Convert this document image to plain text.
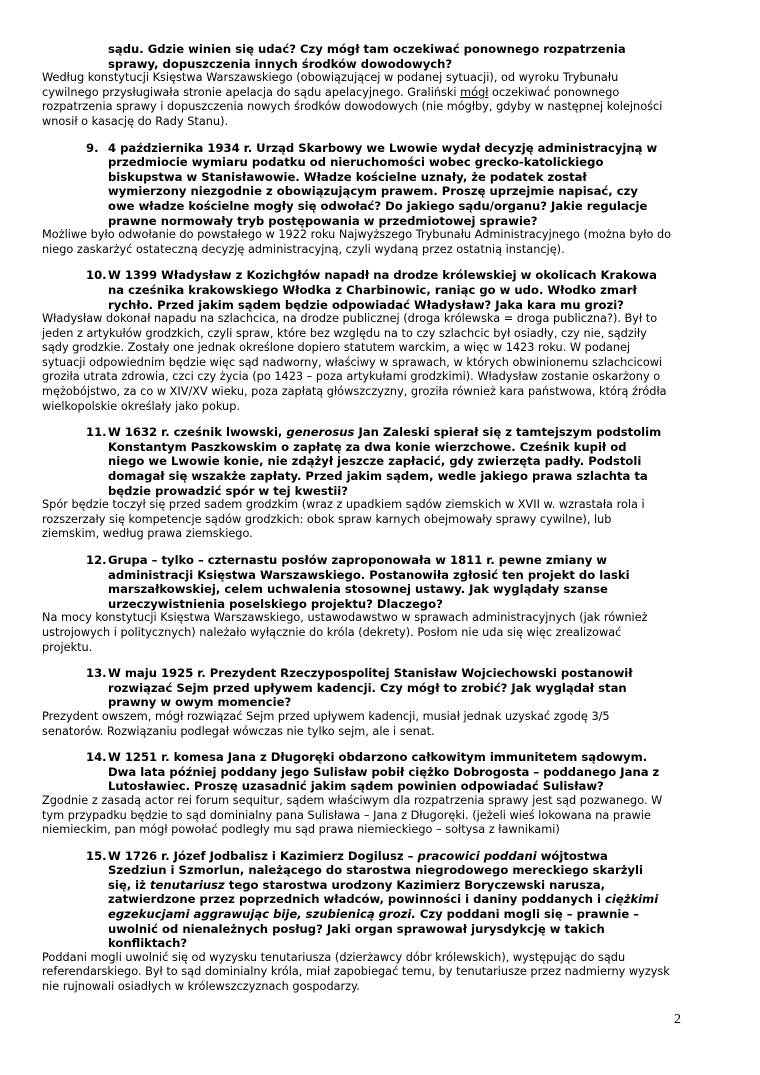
sądu. Gdzie winien się udać? Czy mógł tam oczekiwać ponownego rozpatrzenia sprawy, dopuszczenia innych środków dowodowych?

Według konstytucji Księstwa Warszawskiego (obowiązującej w podanej sytuacji), od wyroku Trybunału cywilnego przysługiwała stronie apelacja do sądu apelacyjnego. Graliński mógł oczekiwać ponownego rozpatrzenia sprawy i dopuszczenia nowych środków dowodowych (nie mógłby, gdyby w następnej kolejności wnosił o kasację do Rady Stanu).

9. 4 października 1934 r. Urząd Skarbowy we Lwowie wydał decyzję administracyjną w przedmiocie wymiaru podatku od nieruchomości wobec grecko-katolickiego biskupstwa w Stanisławowie. Władze kościelne uznały, że podatek został wymierzony niezgodnie z obowiązującym prawem. Proszę uprzejmie napisać, czy owe władze kościelne mogły się odwołać? Do jakiego sądu/organu? Jakie regulacje prawne normowały tryb postępowania w przedmiotowej sprawie?

Możliwe było odwołanie do powstałego w 1922 roku Najwyższego Trybunału Administracyjnego (można było do niego zaskarżyć ostateczną decyzję administracyjną, czyli wydaną przez ostatnią instancję).

10. W 1399 Władysław z Kozichgłów napadł na drodze królewskiej w okolicach Krakowa na cześnika krakowskiego Włodka z Charbinowic, raniąc go w udo. Włodko zmarł rychło. Przed jakim sądem będzie odpowiadać Władysław? Jaka kara mu grozi?

Władysław dokonał napadu na szlachcica, na drodze publicznej (droga królewska = droga publiczna?). Był to jeden z artykułów grodzkich, czyli spraw, które bez względu na to czy szlachcic był osiadły, czy nie, sądziły sądy grodzkie. Zostały one jednak określone dopiero statutem warckim, a więc w 1423 roku. W podanej sytuacji odpowiednim będzie więc sąd nadworny, właściwy w sprawach, w których obwinionemu szlachcicowi groziła utrata zdrowia, czci czy życia (po 1423 – poza artykułami grodzkimi). Władysław zostanie oskarżony o mężobójstwo, za co w XIV/XV wieku, poza zapłatą główszczyzny, groziła również kara państwowa, którą źródła wielkopolskie określały jako pokup.

11. W 1632 r. cześnik lwowski, generosus Jan Zaleski spierał się z tamtejszym podstolim Konstantym Paszkowskim o zapłatę za dwa konie wierzchowe. Cześnik kupił od niego we Lwowie konie, nie zdążył jeszcze zapłacić, gdy zwierzęta padły. Podstoli domagał się wszakże zapłaty. Przed jakim sądem, wedle jakiego prawa szlachta ta będzie prowadzić spór w tej kwestii?

Spór będzie toczył się przed sadem grodzkim (wraz z upadkiem sądów ziemskich w XVII w. wzrastała rola i rozszerzały się kompetencje sądów grodzkich: obok spraw karnych obejmowały sprawy cywilne), lub ziemskim, według prawa ziemskiego.

12. Grupa – tylko – czternastu posłów zaproponowała w 1811 r. pewne zmiany w administracji Księstwa Warszawskiego. Postanowiła zgłosić ten projekt do laski marszałkowskiej, celem uchwalenia stosownej ustawy. Jak wyglądały szanse urzeczywistnienia poselskiego projektu? Dlaczego?

Na mocy konstytucji Księstwa Warszawskiego, ustawodawstwo w sprawach administracyjnych (jak również ustrojowych i politycznych) należało wyłącznie do króla (dekrety). Posłom nie uda się więc zrealizować projektu.

13. W maju 1925 r. Prezydent Rzeczypospolitej Stanisław Wojciechowski postanowił rozwiązać Sejm przed upływem kadencji. Czy mógł to zrobić? Jak wyglądał stan prawny w owym momencie?

Prezydent owszem, mógł rozwiązać Sejm przed upływem kadencji, musiał jednak uzyskać zgodę 3/5 senatorów. Rozwiązaniu podlegał wówczas nie tylko sejm, ale i senat.

14. W 1251 r. komesa Jana z Długoręki obdarzono całkowitym immunitetem sądowym. Dwa lata później poddany jego Sulisław pobił ciężko Dobrogosta – poddanego Jana z Lutosławiec. Proszę uzasadnić jakim sądem powinien odpowiadać Sulisław?

Zgodnie z zasadą actor rei forum sequitur, sądem właściwym dla rozpatrzenia sprawy jest sąd pozwanego. W tym przypadku będzie to sąd dominialny pana Sulisława – Jana z Długoręki. (jeżeli wieś lokowana na prawie niemieckim, pan mógł powołać podległy mu sąd prawa niemieckiego – sołtysa z ławnikami)

15. W 1726 r. Józef Jodbalisz i Kazimierz Dogilusz – pracowici poddani wójtostwa Szedziun i Szmorlun, należącego do starostwa niegrodowego mereckiego skarżyli się, iż tenutariusz tego starostwa urodzony Kazimierz Boryczewski narusza, zatwierdzone przez poprzednich władców, powinności i daniny poddanych i ciężkimi egzekucjami aggrawując bije, szubienicą grozi. Czy poddani mogli się – prawnie – uwolnić od nienależnych posług? Jaki organ sprawował jurysdykcję w takich konfliktach?

Poddani mogli uwolnić się od wyzysku tenutariusza (dzierżawcy dóbr królewskich), występując do sądu referendarskiego. Był to sąd dominialny króla, miał zapobiegać temu, by tenutariusze przez nadmierny wyzysk nie rujnowali osiadłych w królewszczyznach gospodarzy.

2
